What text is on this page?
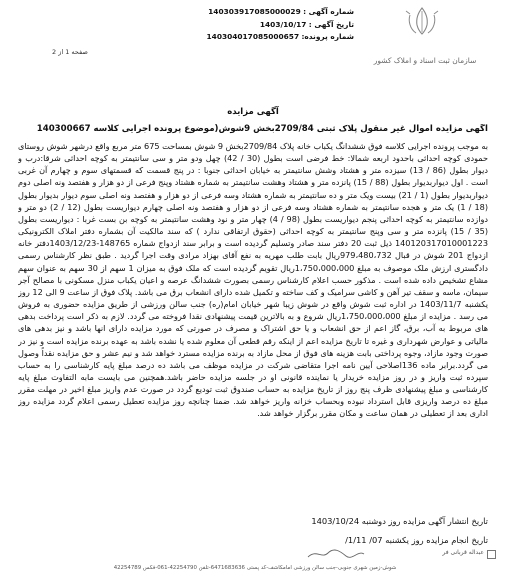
شماره آگهی : 140303917085000029
تاریخ آگهی : 1403/10/17
شماره پرونده: 140304017085000657
صفحه 1 از 2
سازمان ثبت اسناد و املاک کشور
آگهی مزایده
آگهی مزایده اموال غیر منقول پلاک ثبتی 2709/84بخش 9شوش(موضوع پرونده اجرایی کلاسه 140300667
به موجب پرونده اجرایی کلاسه فوق ششدانگ یکباب خانه پلاک 2709/84بخش 9 شوش بمساحت 675 متر مربع واقع درشهر شوش روستای حمودی کوچه احداثی باحدود اربعه شمالا: خط فرضی است بطول (30 / 42) چهل ودو متر و سی سانتیمتر به کوچه احداثی شرقا:درب و دیوار بطول (86 / 13) سیزده متر و هشتاد وشش سانتیمتر به خیابان احداثی جنوبا : در پنج قسمت که قسمتهای سوم و چهارم آن غربی است . اول دیواربدیوار بطول (88 / 15) پانزده متر و هشتاد وهشت سانتیمتر به شماره هشتاد وپنج فرعی از دو هزار و هفتصد ونه اصلی دوم دیواربدیوار بطول (1 / 21) بیست ویک متر و ده سانتیمتر به شماره هشتاد وسه فرعی از دو هزار و هفتصد ونه اصلی سوم دیوار بدیوار بطول (18 / 1) یک متر و هجده سانتیمتر به شماره هشتاد وسه فرعی از دو هزار و هفتصد ونه اصلی چهارم دیواریست بطول (12 / 2) دو متر و دوازده سانتیمتر به کوچه احداثی پنجم دیواریست بطول (98 / 4) چهار متر و نود وهشت سانتیمتر به کوچه بن بست غربا : دیواریست بطول (35 / 15) پانزده متر و سی وپنج سانتیمتر به کوچه احداثی (حقوق ارتفاقی ندارد ) که سند مالکیت آن بشماره دفتر املاک الکترونیکی 140120317010001223 ذیل ثبت 20 دفتر سند صادر وتسلیم گردیده است و برابر سند ازدواج شماره 148765-1403/12/23دفتر خانه ازدواج 201 شوش در قبال 979،480،732ریال بابت طلب مهریه به نفع آقای بهزاد مرادی وقت اجرا گردید . طبق نظر کارشناس رسمی دادگستری ارزش ملک موصوف به مبلغ 1،750،000،000ریال تقویم گردیده است که ملک فوق به میزان 1 سهم از 30 سهم به عنوان سهم مشاع تشخیص داده شده است . مذکور حسب اعلام کارشناس رسمی بصورت ششدانگ عرصه و اعیان یکباب منزل مسکونی با مصالح آجر سیمان، ماسه و سقف تیر آهن و کاشی سرامیک و کف ساخته و تکمیل شده دارای انشعاب برق می باشد. پلاک فوق از ساعت 9 الی 12 روز یکشنبه 1403/11/7 در اداره ثبت شوش واقع در شوش زیبا شهر خیابان امام(ره) جنب سالن ورزشی از طریق مزایده حضوری به فروش می رسد . مزایده از مبلغ 1،750،000،000ریال شروع و به بالاترین قیمت پیشنهادی نقدا فروخته می گردد. لازم به ذکر است پرداخت بدهی های مربوط به آب، برق، گاز اعم از حق انشعاب و یا حق اشتراک و مصرف در صورتی که مورد مزایده دارای انها باشد و نیز بدهی های مالیاتی و عوارض شهرداری و غیره تا تاریخ مزایده اعم از اینکه رقم قطعی آن معلوم شده یا نشده باشد به عهده برنده مزایده است و نیز در صورت وجود مازاد، وجوه پرداختی بابت هزینه های فوق از محل مازاد به برنده مزایده مسترد خواهد شد و نیم عشر و حق مزایده نقداً وصول می گردد.برابر ماده 136اصلاحی آیین نامه اجرا متقاضی شرکت در مزایده موظف می باشد ده درصد مبلغ پایه کارشناسی را به حساب سپرده ثبت واریز و در روز مزایده خریدار یا نماینده قانونی او در جلسه مزایده حاضر باشد.همچنین می بایست مابه التفاوت مبلغ پایه کارشناسی و مبلغ پیشنهادی ظرف پنج روز از تاریخ مزایده به حساب صندوق ثبت تودیع گردد در صورت عدم واریز مبلغ اخیر در مهلت مقرر مبلغ ده درصد واریزی قابل استرداد نبوده وبحساب خزانه واریز خواهد شد. ضمنا چنانچه روز مزایده تعطیل رسمی اعلام گردد مزایده روز اداری بعد از تعطیلی در همان ساعت و مکان مقرر برگزار خواهد شد.
تاریخ انتشار آگهی مزایده روز دوشنبه 1403/10/24
تاریخ انجام مزایده روز یکشنبه 07/ 1/11/
عبداله قربانی فر
شوش-زمین شهری جنوبی-جنب سالن ورزشی آمامکاشف-کد پستی 6471683636-تلفن 42254790-061-فکس 42254789
